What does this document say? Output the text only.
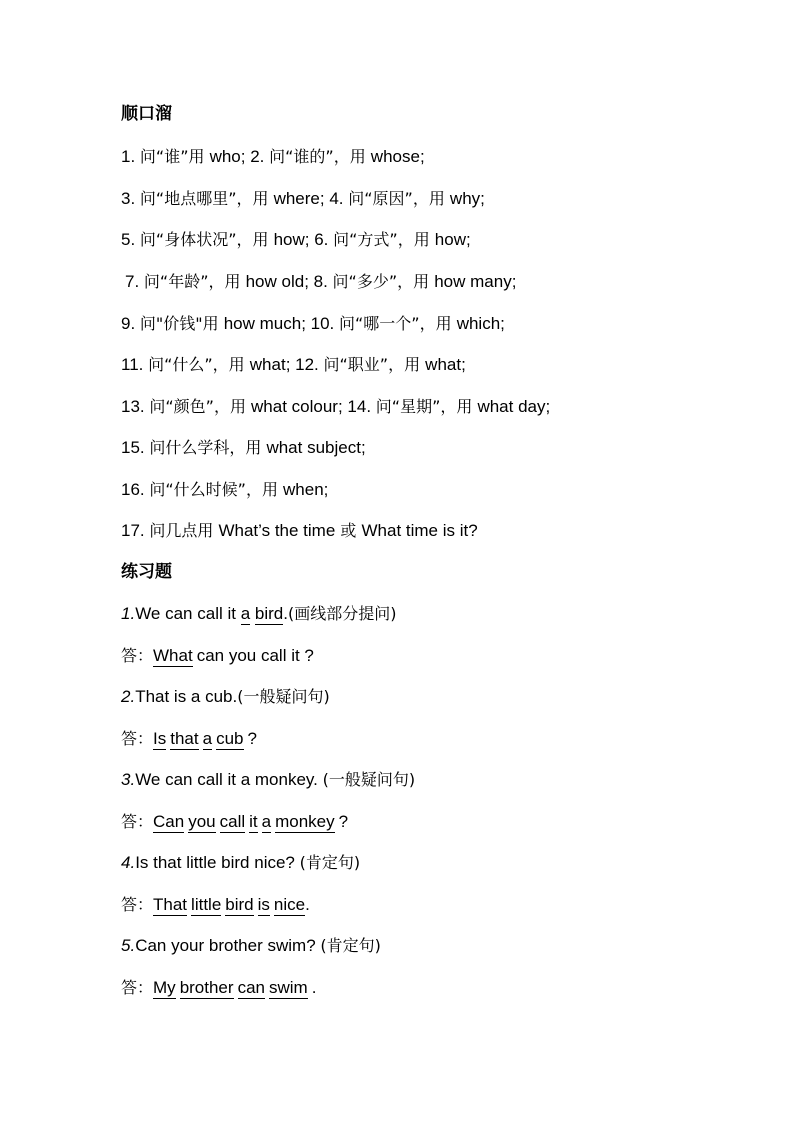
顺口溜
1. 问“谁”用 who; 2. 问“谁的”，用 whose;
3. 问“地点哪里”，用 where; 4. 问“原因”，用 why;
5. 问“身体状况”，用 how; 6. 问“方式”，用 how;
7. 问“年龄”，用 how old; 8. 问“多少”，用 how many;
9. 问"价钱"用 how much; 10. 问“哪一个”，用 which;
11. 问“什么”，用 what; 12. 问“职业”，用 what;
13. 问“颜色”，用 what colour; 14. 问“星期”，用 what day;
15. 问什么学科，用 what subject;
16. 问“什么时候”，用 when;
17. 问几点用 What’s the time 或 What time is it?
练习题
1.We can call it a bird.(画线部分提问)
答：What can you call it ?
2.That is a cub.(一般疑问句)
答：Is that a cub ?
3.We can call it a monkey. (一般疑问句)
答：Can you call it a monkey ?
4.Is that little bird nice? (肯定句)
答：That little bird is nice.
5.Can your brother swim? (肯定句)
答：My brother can swim .
